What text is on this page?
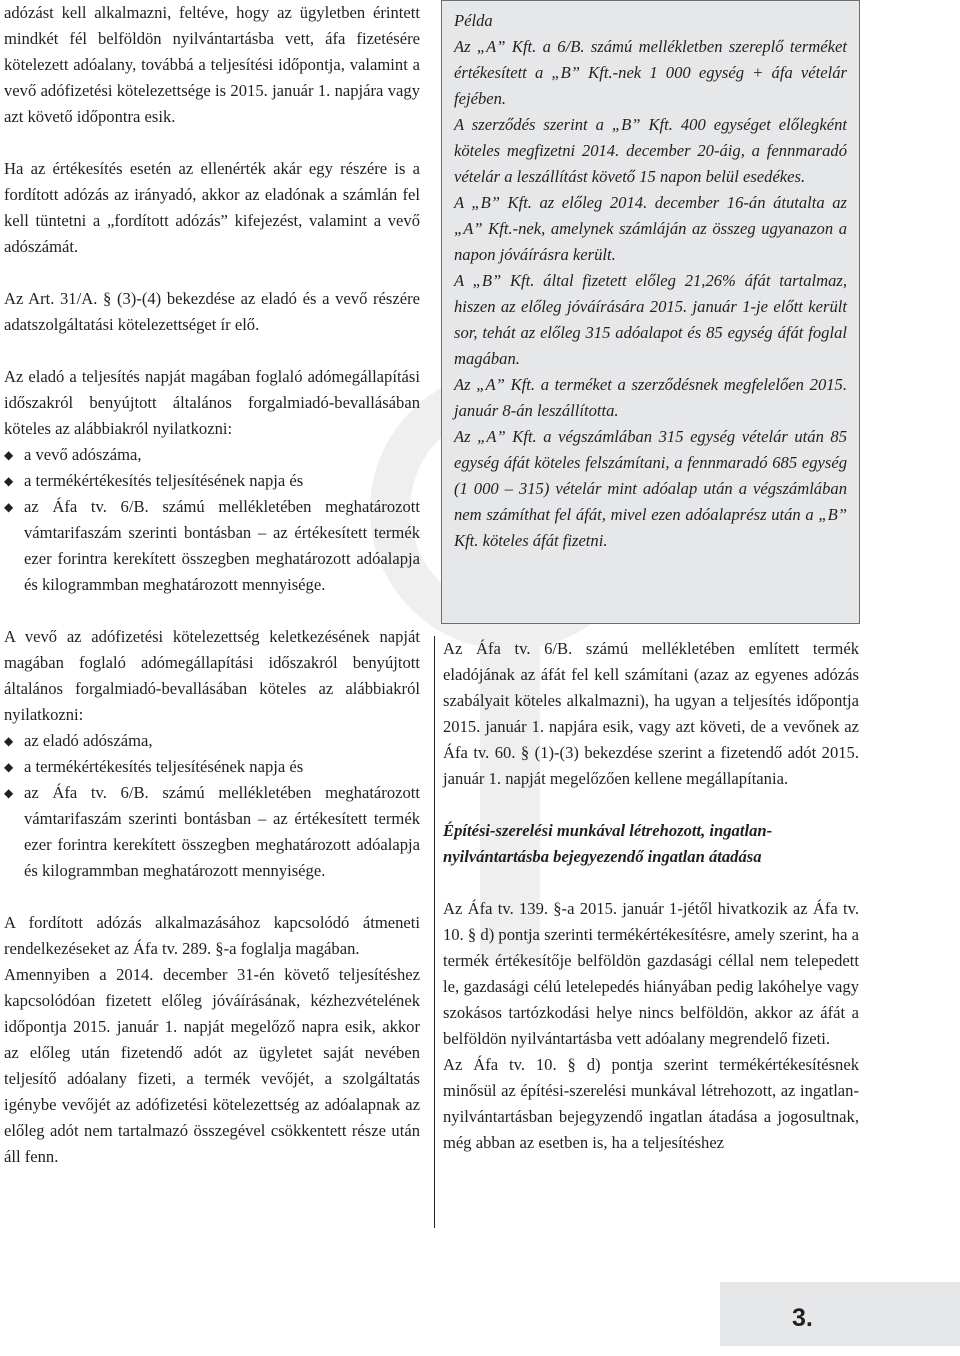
adózást kell alkalmazni, feltéve, hogy az ügyletben érintett mindkét fél belföldön nyilvántartásba vett, áfa fizetésére kötelezett adóalany, továbbá a teljesítési időpontja, valamint a vevő adófizetési kötelezettsége is 2015. január 1. napjára vagy azt követő időpontra esik.

Ha az értékesítés esetén az ellenérték akár egy részére is a fordított adózás az irányadó, akkor az eladónak a számlán fel kell tüntetni a „fordított adózás” kifejezést, valamint a vevő adószámát.

Az Art. 31/A. § (3)-(4) bekezdése az eladó és a vevő részére adatszolgáltatási kötelezettséget ír elő.

Az eladó a teljesítés napját magában foglaló adómegállapítási időszakról benyújtott általános forgalmiadó-bevallásában köteles az alábbiakról nyilatkozni:

◆ a vevő adószáma,
◆ a termékértékesítés teljesítésének napja és
◆ az Áfa tv. 6/B. számú mellékletében meghatározott vámtarifaszám szerinti bontásban – az értékesített termék ezer forintra kerekített összegben meghatározott adóalapja és kilogrammban meghatározott mennyisége.

A vevő az adófizetési kötelezettség keletkezésének napját magában foglaló adómegállapítási időszakról benyújtott általános forgalmiadó-bevallásában köteles az alábbiakról nyilatkozni:

◆ az eladó adószáma,
◆ a termékértékesítés teljesítésének napja és
◆ az Áfa tv. 6/B. számú mellékletében meghatározott vámtarifaszám szerinti bontásban – az értékesített termék ezer forintra kerekített összegben meghatározott adóalapja és kilogrammban meghatározott mennyisége.

A fordított adózás alkalmazásához kapcsolódó átmeneti rendelkezéseket az Áfa tv. 289. §-a foglalja magában.

Amennyiben a 2014. december 31-én követő teljesítéshez kapcsolódóan fizetett előleg jóváírásának, kézhezvételének időpontja 2015. január 1. napját megelőző napra esik, akkor az előleg után fizetendő adót az ügyletet saját nevében teljesítő adóalany fizeti, a termék vevőjét, a szolgáltatás igénybe vevőjét az adófizetési kötelezettség az adóalapnak az előleg adót nem tartalmazó összegével csökkentett része után áll fenn.

Példa

Az „A” Kft. a 6/B. számú mellékletben szereplő terméket értékesített a „B” Kft.-nek 1 000 egység + áfa vételár fejében.

A szerződés szerint a „B” Kft. 400 egységet előlegként köteles megfizetni 2014. december 20-áig, a fennmaradó vételár a leszállítást követő 15 napon belül esedékes.

A „B” Kft. az előleg 2014. december 16-án átutalta az „A” Kft.-nek, amelynek számláján az összeg ugyanazon a napon jóváírásra került.

A „B” Kft. által fizetett előleg 21,26% áfát tartalmaz, hiszen az előleg jóváírására 2015. január 1-je előtt került sor, tehát az előleg 315 adóalapot és 85 egység áfát foglal magában.

Az „A” Kft. a terméket a szerződésnek megfelelően 2015. január 8-án leszállította.

Az „A” Kft. a végszámlában 315 egység vételár után 85 egység áfát köteles felszámítani, a fennmaradó 685 egység (1 000 – 315) vételár mint adóalap után a végszámlában nem számíthat fel áfát, mivel ezen adóalaprész után a „B” Kft. köteles áfát fizetni.

Az Áfa tv. 6/B. számú mellékletében említett termék eladójának az áfát fel kell számítani (azaz az egyenes adózás szabályait köteles alkalmazni), ha ugyan a teljesítés időpontja 2015. január 1. napjára esik, vagy azt követi, de a vevőnek az Áfa tv. 60. § (1)-(3) bekezdése szerint a fizetendő adót 2015. január 1. napját megelőzően kellene megállapítania.

Építési-szerelési munkával létrehozott, ingatlan-nyilvántartásba bejegyezendő ingatlan átadása

Az Áfa tv. 139. §-a 2015. január 1-jétől hivatkozik az Áfa tv. 10. § d) pontja szerinti termékértékesítésre, amely szerint, ha a termék értékesítője belföldön gazdasági céllal nem telepedett le, gazdasági célú letelepedés hiányában pedig lakóhelye vagy szokásos tartózkodási helye nincs belföldön, akkor az áfát a belföldön nyilvántartásba vett adóalany megrendelő fizeti.

Az Áfa tv. 10. § d) pontja szerint termékértékesítésnek minősül az építési-szerelési munkával létrehozott, az ingatlan-nyilvántartásban bejegyzendő ingatlan átadása a jogosultnak, még abban az esetben is, ha a teljesítéshez

3.
